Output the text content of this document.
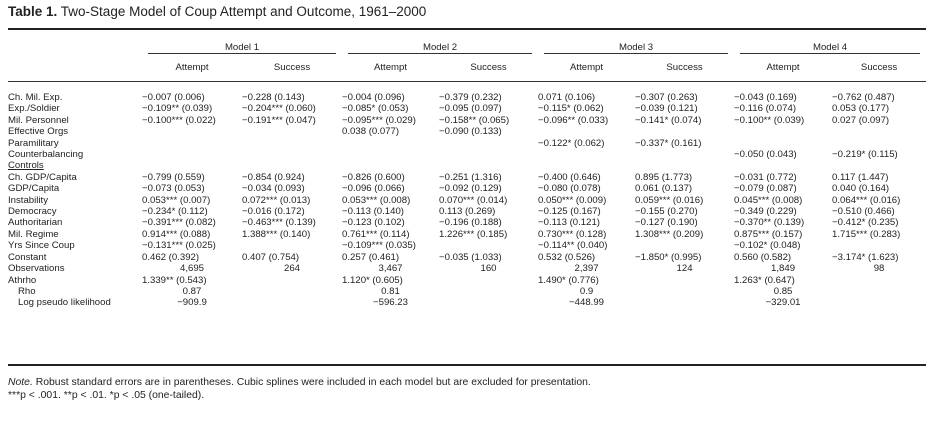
Table 1. Two-Stage Model of Coup Attempt and Outcome, 1961–2000

	Model 1		Model 2		Model 3		Model 4	

	Attempt	Success	Attempt	Success	Attempt	Success	Attempt	Success

Ch. Mil. Exp.	−0.007 (0.006)	−0.228 (0.143)	−0.004 (0.096)	−0.379 (0.232)	0.071 (0.106)	−0.307 (0.263)	−0.043 (0.169)	−0.762 (0.487)
Exp./Soldier	−0.109** (0.039)	−0.204*** (0.060)	−0.085* (0.053)	−0.095 (0.097)	−0.115* (0.062)	−0.039 (0.121)	−0.116 (0.074)	0.053 (0.177)
Mil. Personnel	−0.100*** (0.022)	−0.191*** (0.047)	−0.095*** (0.029)	−0.158** (0.065)	−0.096** (0.033)	−0.141* (0.074)	−0.100** (0.039)	0.027 (0.097)
Effective Orgs			0.038 (0.077)	−0.090 (0.133)				
Paramilitary					−0.122* (0.062)	−0.337* (0.161)		
Counterbalancing							−0.050 (0.043)	−0.219* (0.115)
Controls								
Ch. GDP/Capita	−0.799 (0.559)	−0.854 (0.924)	−0.826 (0.600)	−0.251 (1.316)	−0.400 (0.646)	0.895 (1.773)	−0.031 (0.772)	0.117 (1.447)
GDP/Capita	−0.073 (0.053)	−0.034 (0.093)	−0.096 (0.066)	−0.092 (0.129)	−0.080 (0.078)	0.061 (0.137)	−0.079 (0.087)	0.040 (0.164)
Instability	0.053*** (0.007)	0.072*** (0.013)	0.053*** (0.008)	0.070*** (0.014)	0.050*** (0.009)	0.059*** (0.016)	0.045*** (0.008)	0.064*** (0.016)
Democracy	−0.234* (0.112)	−0.016 (0.172)	−0.113 (0.140)	0.113 (0.269)	−0.125 (0.167)	−0.155 (0.270)	−0.349 (0.229)	−0.510 (0.466)
Authoritarian	−0.391*** (0.082)	−0.463*** (0.139)	−0.123 (0.102)	−0.196 (0.188)	−0.113 (0.121)	−0.127 (0.190)	−0.370** (0.139)	−0.412* (0.235)
Mil. Regime	0.914*** (0.088)	1.388*** (0.140)	0.761*** (0.114)	1.226*** (0.185)	0.730*** (0.128)	1.308*** (0.209)	0.875*** (0.157)	1.715*** (0.283)
Yrs Since Coup	−0.131*** (0.025)		−0.109*** (0.035)		−0.114** (0.040)		−0.102* (0.048)	
Constant	0.462 (0.392)	0.407 (0.754)	0.257 (0.461)	−0.035 (1.033)	0.532 (0.526)	−1.850* (0.995)	0.560 (0.582)	−3.174* (1.623)
Observations	4,695	264	3,467	160	2,397	124	1,849	98
Athrho	1.339** (0.543)		1.120* (0.605)		1.490* (0.776)		1.263* (0.647)	
Rho	0.87		0.81		0.9		0.85	
Log pseudo likelihood	−909.9		−596.23		−448.99		−329.01	
Note. Robust standard errors are in parentheses. Cubic splines were included in each model but are excluded for presentation.
***p < .001. **p < .01. *p < .05 (one-tailed).
